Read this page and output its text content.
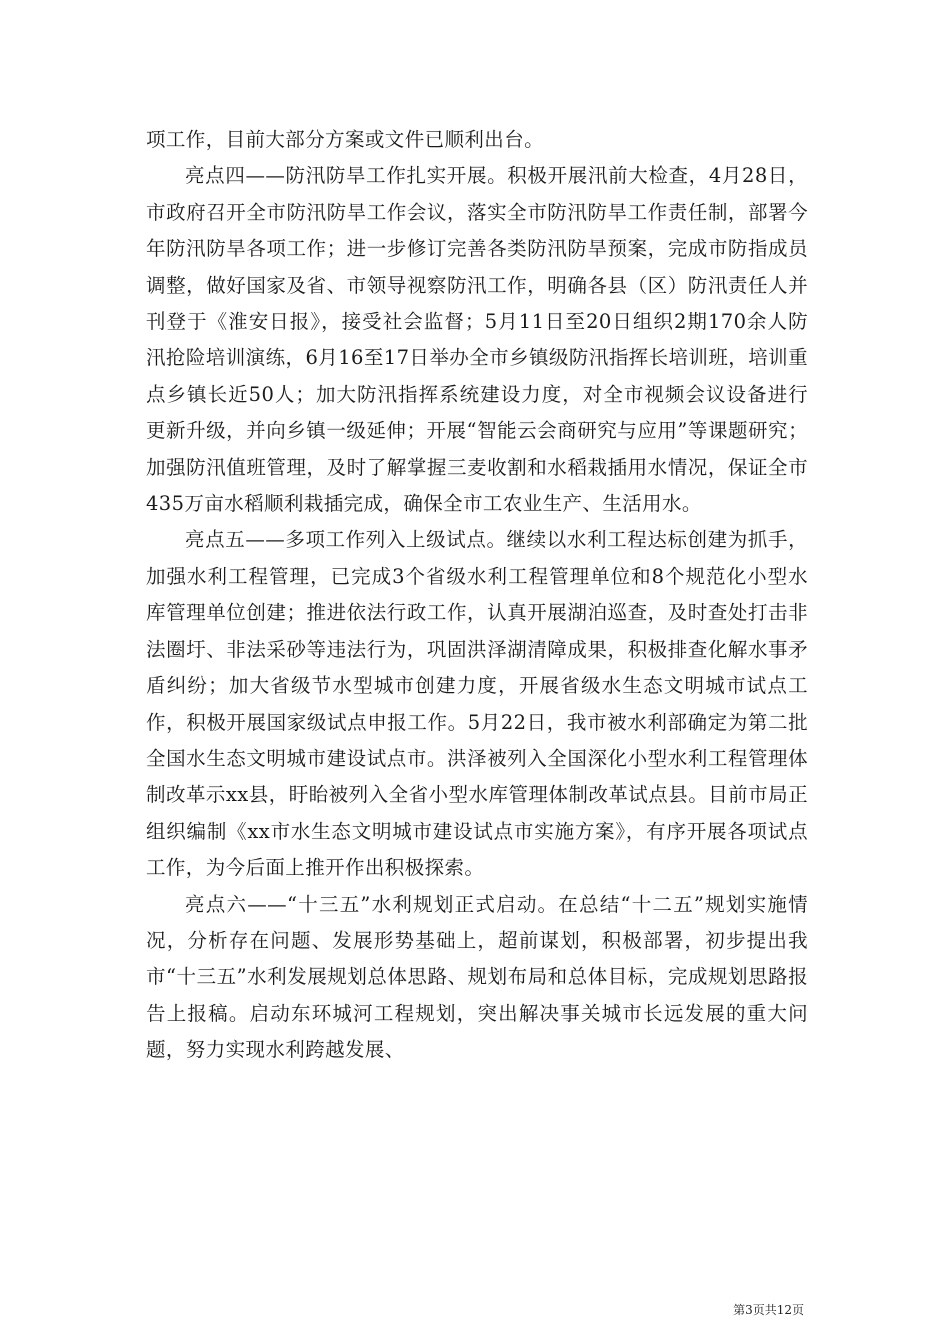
项工作，目前大部分方案或文件已顺利出台。

亮点四——防汛防旱工作扎实开展。积极开展汛前大检查，4月28日，市政府召开全市防汛防旱工作会议，落实全市防汛防旱工作责任制，部署今年防汛防旱各项工作；进一步修订完善各类防汛防旱预案，完成市防指成员调整，做好国家及省、市领导视察防汛工作，明确各县（区）防汛责任人并刊登于《淮安日报》，接受社会监督；5月11日至20日组织2期170余人防汛抢险培训演练，6月16至17日举办全市乡镇级防汛指挥长培训班，培训重点乡镇长近50人；加大防汛指挥系统建设力度，对全市视频会议设备进行更新升级，并向乡镇一级延伸；开展“智能云会商研究与应用”等课题研究；加强防汛值班管理，及时了解掌握三麦收割和水稻栽插用水情况，保证全市435万亩水稻顺利栽插完成，确保全市工农业生产、生活用水。

亮点五——多项工作列入上级试点。继续以水利工程达标创建为抓手，加强水利工程管理，已完成3个省级水利工程管理单位和8个规范化小型水库管理单位创建；推进依法行政工作，认真开展湖泊巡查，及时查处打击非法圈圩、非法采砂等违法行为，巩固洪泽湖清障成果，积极排查化解水事矛盾纠纷；加大省级节水型城市创建力度，开展省级水生态文明城市试点工作，积极开展国家级试点申报工作。5月22日，我市被水利部确定为第二批全国水生态文明城市建设试点市。洪泽被列入全国深化小型水利工程管理体制改革示xx县，盱眙被列入全省小型水库管理体制改革试点县。目前市局正组织编制《xx市水生态文明城市建设试点市实施方案》，有序开展各项试点工作，为今后面上推开作出积极探索。

亮点六——“十三五”水利规划正式启动。在总结“十二五”规划实施情况，分析存在问题、发展形势基础上，超前谋划，积极部署，初步提出我市“十三五”水利发展规划总体思路、规划布局和总体目标，完成规划思路报告上报稿。启动东环城河工程规划，突出解决事关城市长远发展的重大问题，努力实现水利跨越发展、

第3页共12页
